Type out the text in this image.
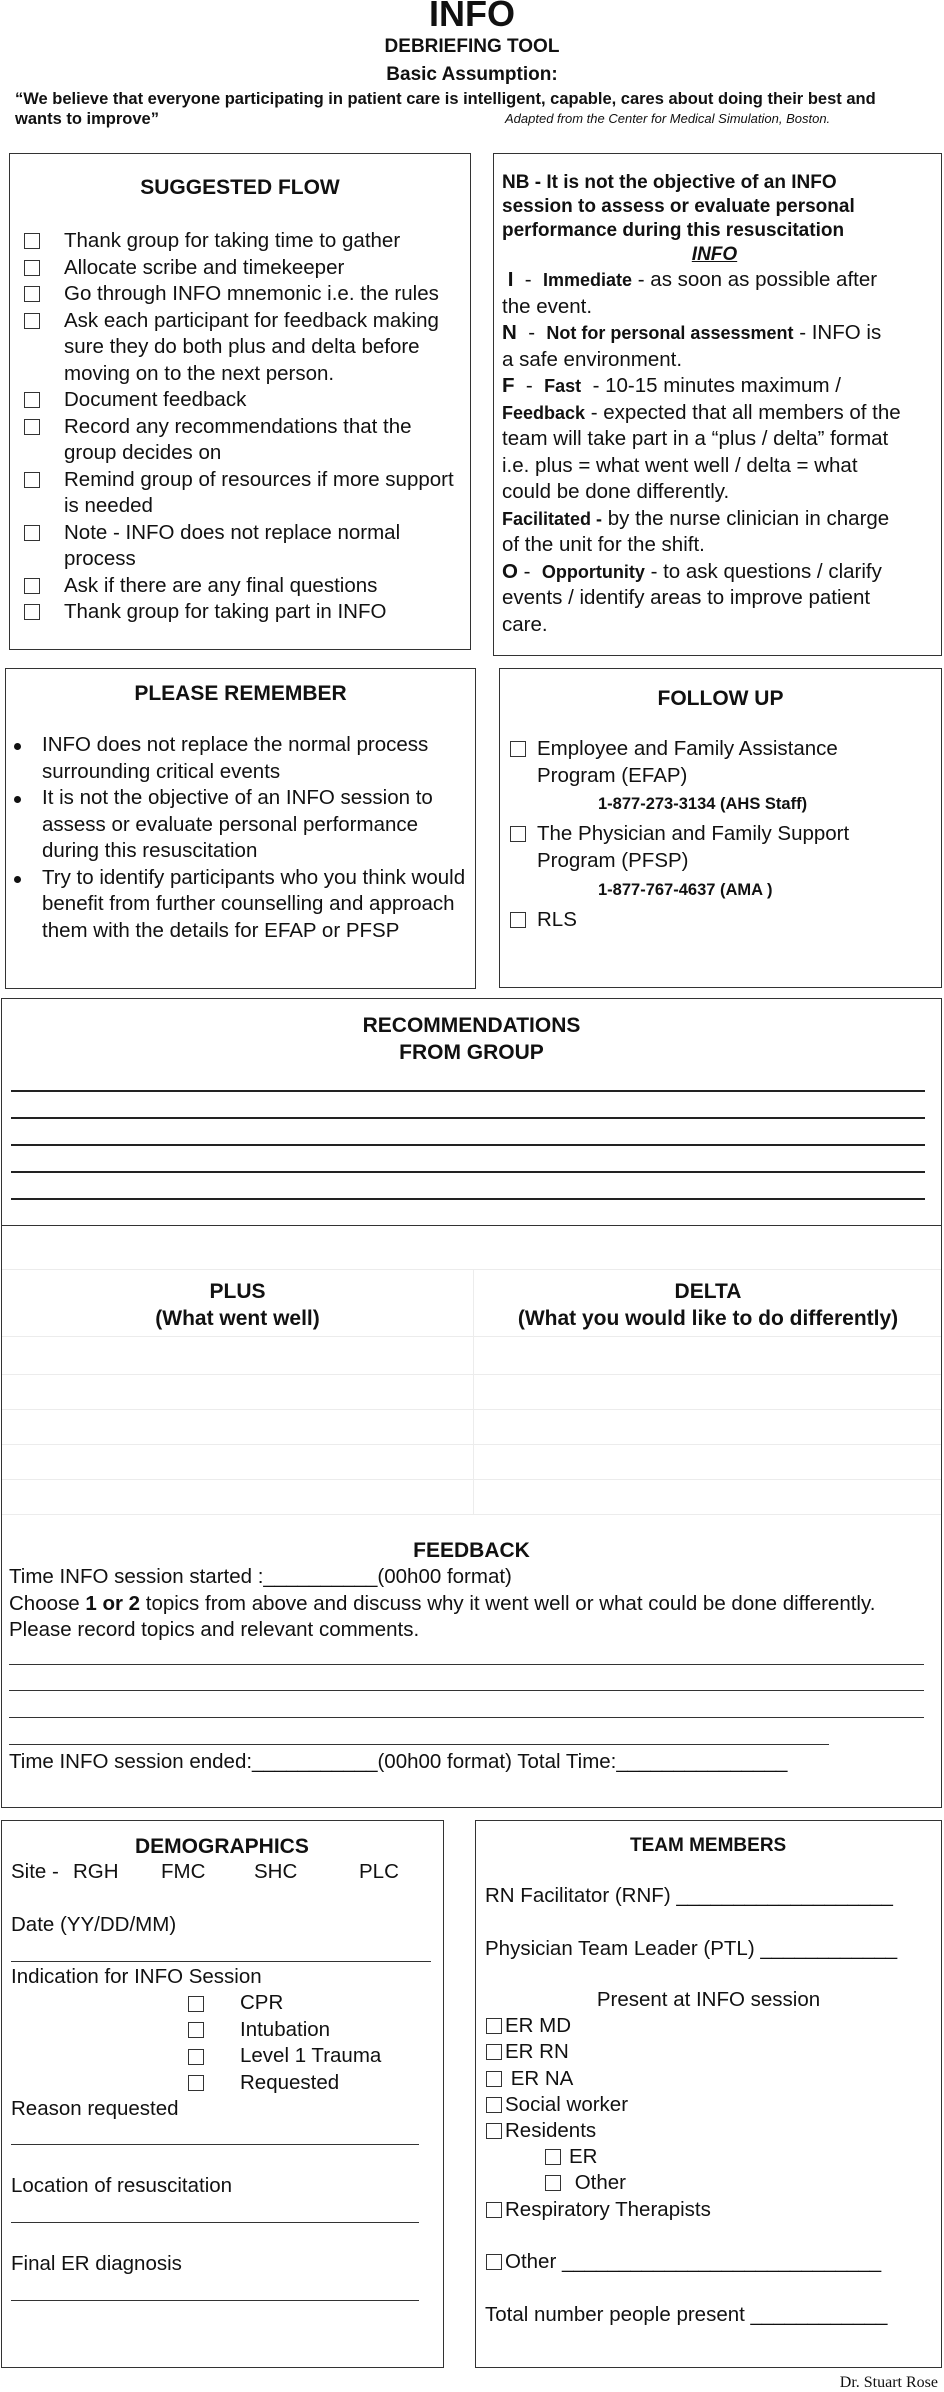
INFO
DEBRIEFING TOOL
Basic Assumption:
“We believe that everyone participating in patient care is intelligent, capable, cares about doing their best and
wants to improve”	Adapted from the Center for Medical Simulation, Boston.
SUGGESTED FLOW
Thank group for taking time to gather
Allocate scribe and timekeeper
Go through INFO mnemonic i.e. the rules
Ask each participant for feedback making sure they do both plus and delta before moving on to the next person.
Document feedback
Record any recommendations that the group decides on
Remind group of resources if more support is needed
Note - INFO does not replace normal process
Ask if there are any final questions
Thank group for taking part in INFO
NB - It is not the objective of an INFO
session to assess or evaluate personal
performance during this resuscitation
INFO
I  -  Immediate - as soon as possible after
the event.
N  -  Not for personal assessment - INFO is
a safe environment.
F  -  Fast - 10-15 minutes maximum /
Feedback - expected that all members of the
team will take part in a “plus / delta” format
i.e. plus = what went well / delta = what
could be done differently.
Facilitated - by the nurse clinician in charge
of the unit for the shift.
O -  Opportunity - to ask questions / clarify
events / identify areas to improve patient
care.
PLEASE REMEMBER
INFO does not replace the normal process surrounding critical events
It is not the objective of an INFO session to assess or evaluate personal performance during this resuscitation
Try to identify participants who you think would benefit from further counselling and approach them with the details for EFAP or PFSP
FOLLOW UP
Employee and Family Assistance
Program (EFAP)
1-877-273-3134 (AHS Staff)
The Physician and Family Support
Program (PFSP)
1-877-767-4637 (AMA )
RLS
RECOMMENDATIONS
FROM GROUP
PLUS
(What went well)
DELTA
(What you would like to do differently)
FEEDBACK
Time INFO session started :__________(00h00 format)
Choose 1 or 2 topics from above and discuss why it went well or what could be done differently.
Please record topics and relevant comments.
Time INFO session ended:___________(00h00 format) Total Time:_______________
DEMOGRAPHICS
Site - RGH FMC SHC	PLC
Date (YY/DD/MM)
Indication for INFO Session
CPR
Intubation
Level 1 Trauma
Requested
Reason requested
Location of resuscitation
Final ER diagnosis
TEAM MEMBERS
RN Facilitator (RNF) ___________________
Physician Team Leader (PTL) ____________
Present at INFO session
ER MD
ER RN
ER NA
Social worker
Residents
ER
Other
Respiratory Therapists
Other ____________________________
Total number people present ____________
Dr. Stuart Rose
